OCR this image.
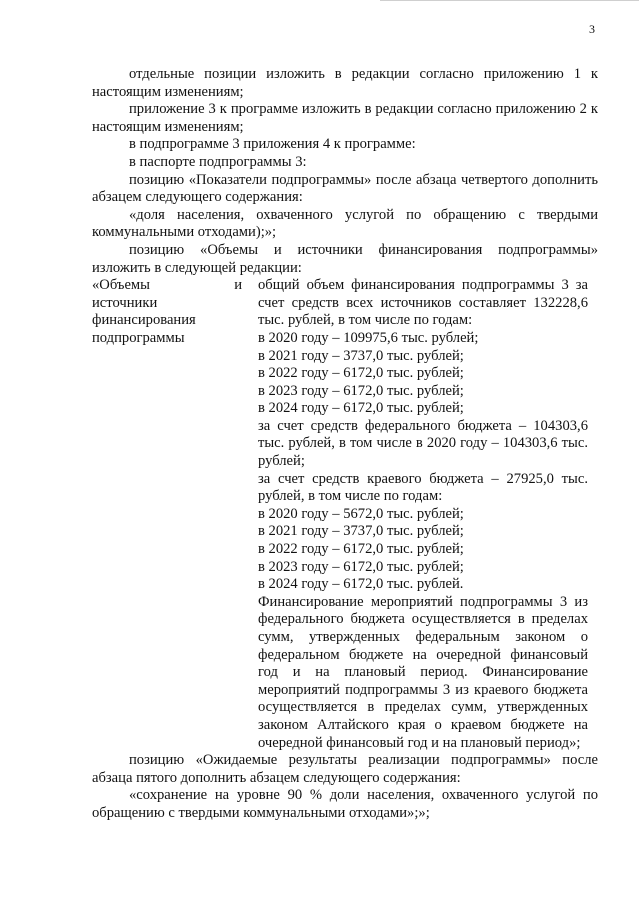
3

отдельные позиции изложить в редакции согласно приложению 1 к настоящим изменениям;

приложение 3 к программе изложить в редакции согласно приложению 2 к настоящим изменениям;

в подпрограмме 3 приложения 4 к программе:

в паспорте подпрограммы 3:

позицию «Показатели подпрограммы» после абзаца четвертого дополнить абзацем следующего содержания:

«доля населения, охваченного услугой по обращению с твердыми коммунальными отходами);»;

позицию «Объемы и источники финансирования подпрограммы» изложить в следующей редакции:

«Объемы	и
источники
финансирования
подпрограммы
общий объем финансирования подпрограммы 3 за счет средств всех источников составляет 132228,6 тыс. рублей, в том числе по годам:
в 2020 году – 109975,6 тыс. рублей;
в 2021 году – 3737,0 тыс. рублей;
в 2022 году – 6172,0 тыс. рублей;
в 2023 году – 6172,0 тыс. рублей;
в 2024 году – 6172,0 тыс. рублей;
за счет средств федерального бюджета – 104303,6 тыс. рублей, в том числе в 2020 году – 104303,6 тыс. рублей;
за счет средств краевого бюджета – 27925,0 тыс. рублей, в том числе по годам:
в 2020 году – 5672,0 тыс. рублей;
в 2021 году – 3737,0 тыс. рублей;
в 2022 году – 6172,0 тыс. рублей;
в 2023 году – 6172,0 тыс. рублей;
в 2024 году – 6172,0 тыс. рублей.
Финансирование мероприятий подпрограммы 3 из федерального бюджета осуществляется в пределах сумм, утвержденных федеральным законом о федеральном бюджете на очередной финансовый год и на плановый период. Финансирование мероприятий подпрограммы 3 из краевого бюджета осуществляется в пределах сумм, утвержденных законом Алтайского края о краевом бюджете на очередной финансовый год и на плановый период»;

позицию «Ожидаемые результаты реализации подпрограммы» после абзаца пятого дополнить абзацем следующего содержания:

«сохранение на уровне 90 % доли населения, охваченного услугой по обращению с твердыми коммунальными отходами»;»;
